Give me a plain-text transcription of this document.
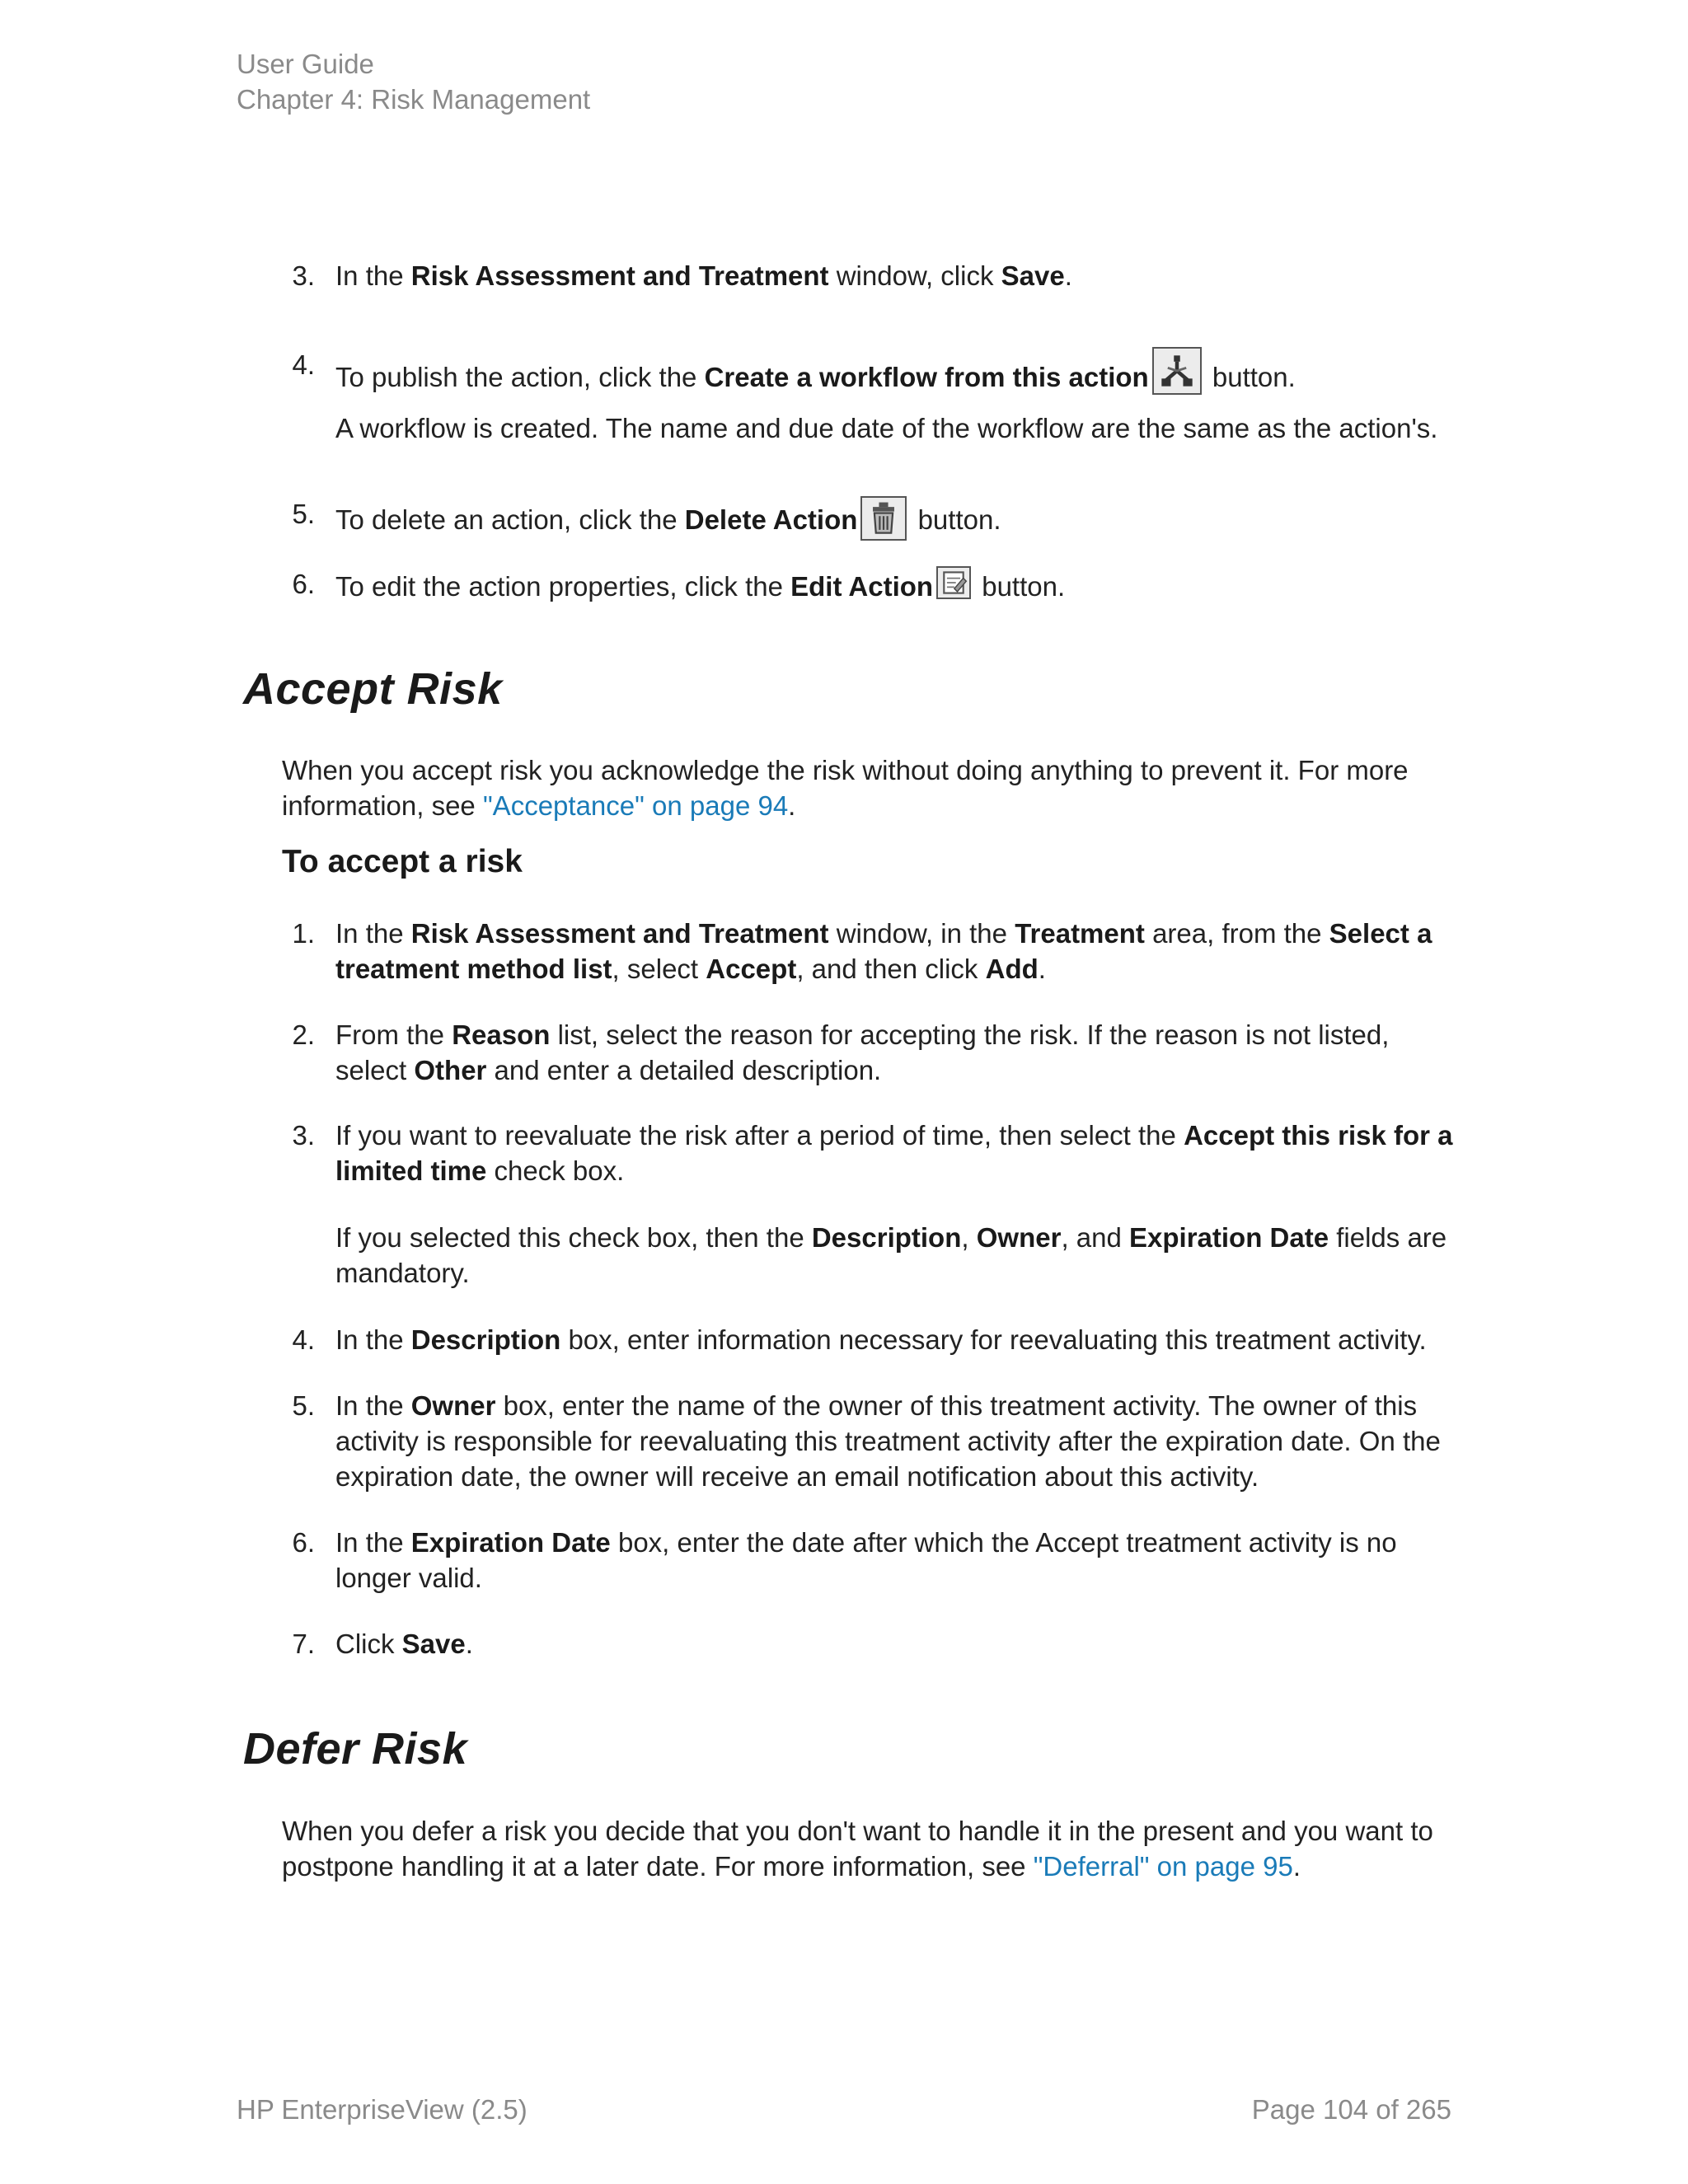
User Guide
Chapter 4: Risk Management
3. In the Risk Assessment and Treatment window, click Save.
4. To publish the action, click the Create a workflow from this action
button.
A workflow is created. The name and due date of the workflow are the same as the action's.
5. To delete an action, click the Delete Action
button.
6. To edit the action properties, click the Edit Action
button.
Accept Risk
When you accept risk you acknowledge the risk without doing anything to prevent it. For more information, see "Acceptance" on page 94.
To accept a risk
1. In the Risk Assessment and Treatment window, in the Treatment area, from the Select a treatment method list, select Accept, and then click Add.
2. From the Reason list, select the reason for accepting the risk. If the reason is not listed, select Other and enter a detailed description.
3. If you want to reevaluate the risk after a period of time, then select the Accept this risk for a limited time check box.
If you selected this check box, then the Description, Owner, and Expiration Date fields are mandatory.
4. In the Description box, enter information necessary for reevaluating this treatment activity.
5. In the Owner box, enter the name of the owner of this treatment activity. The owner of this activity is responsible for reevaluating this treatment activity after the expiration date. On the expiration date, the owner will receive an email notification about this activity.
6. In the Expiration Date box, enter the date after which the Accept treatment activity is no longer valid.
7. Click Save.
Defer Risk
When you defer a risk you decide that you don't want to handle it in the present and you want to postpone handling it at a later date. For more information, see "Deferral" on page 95.
HP EnterpriseView (2.5)	Page 104 of 265
